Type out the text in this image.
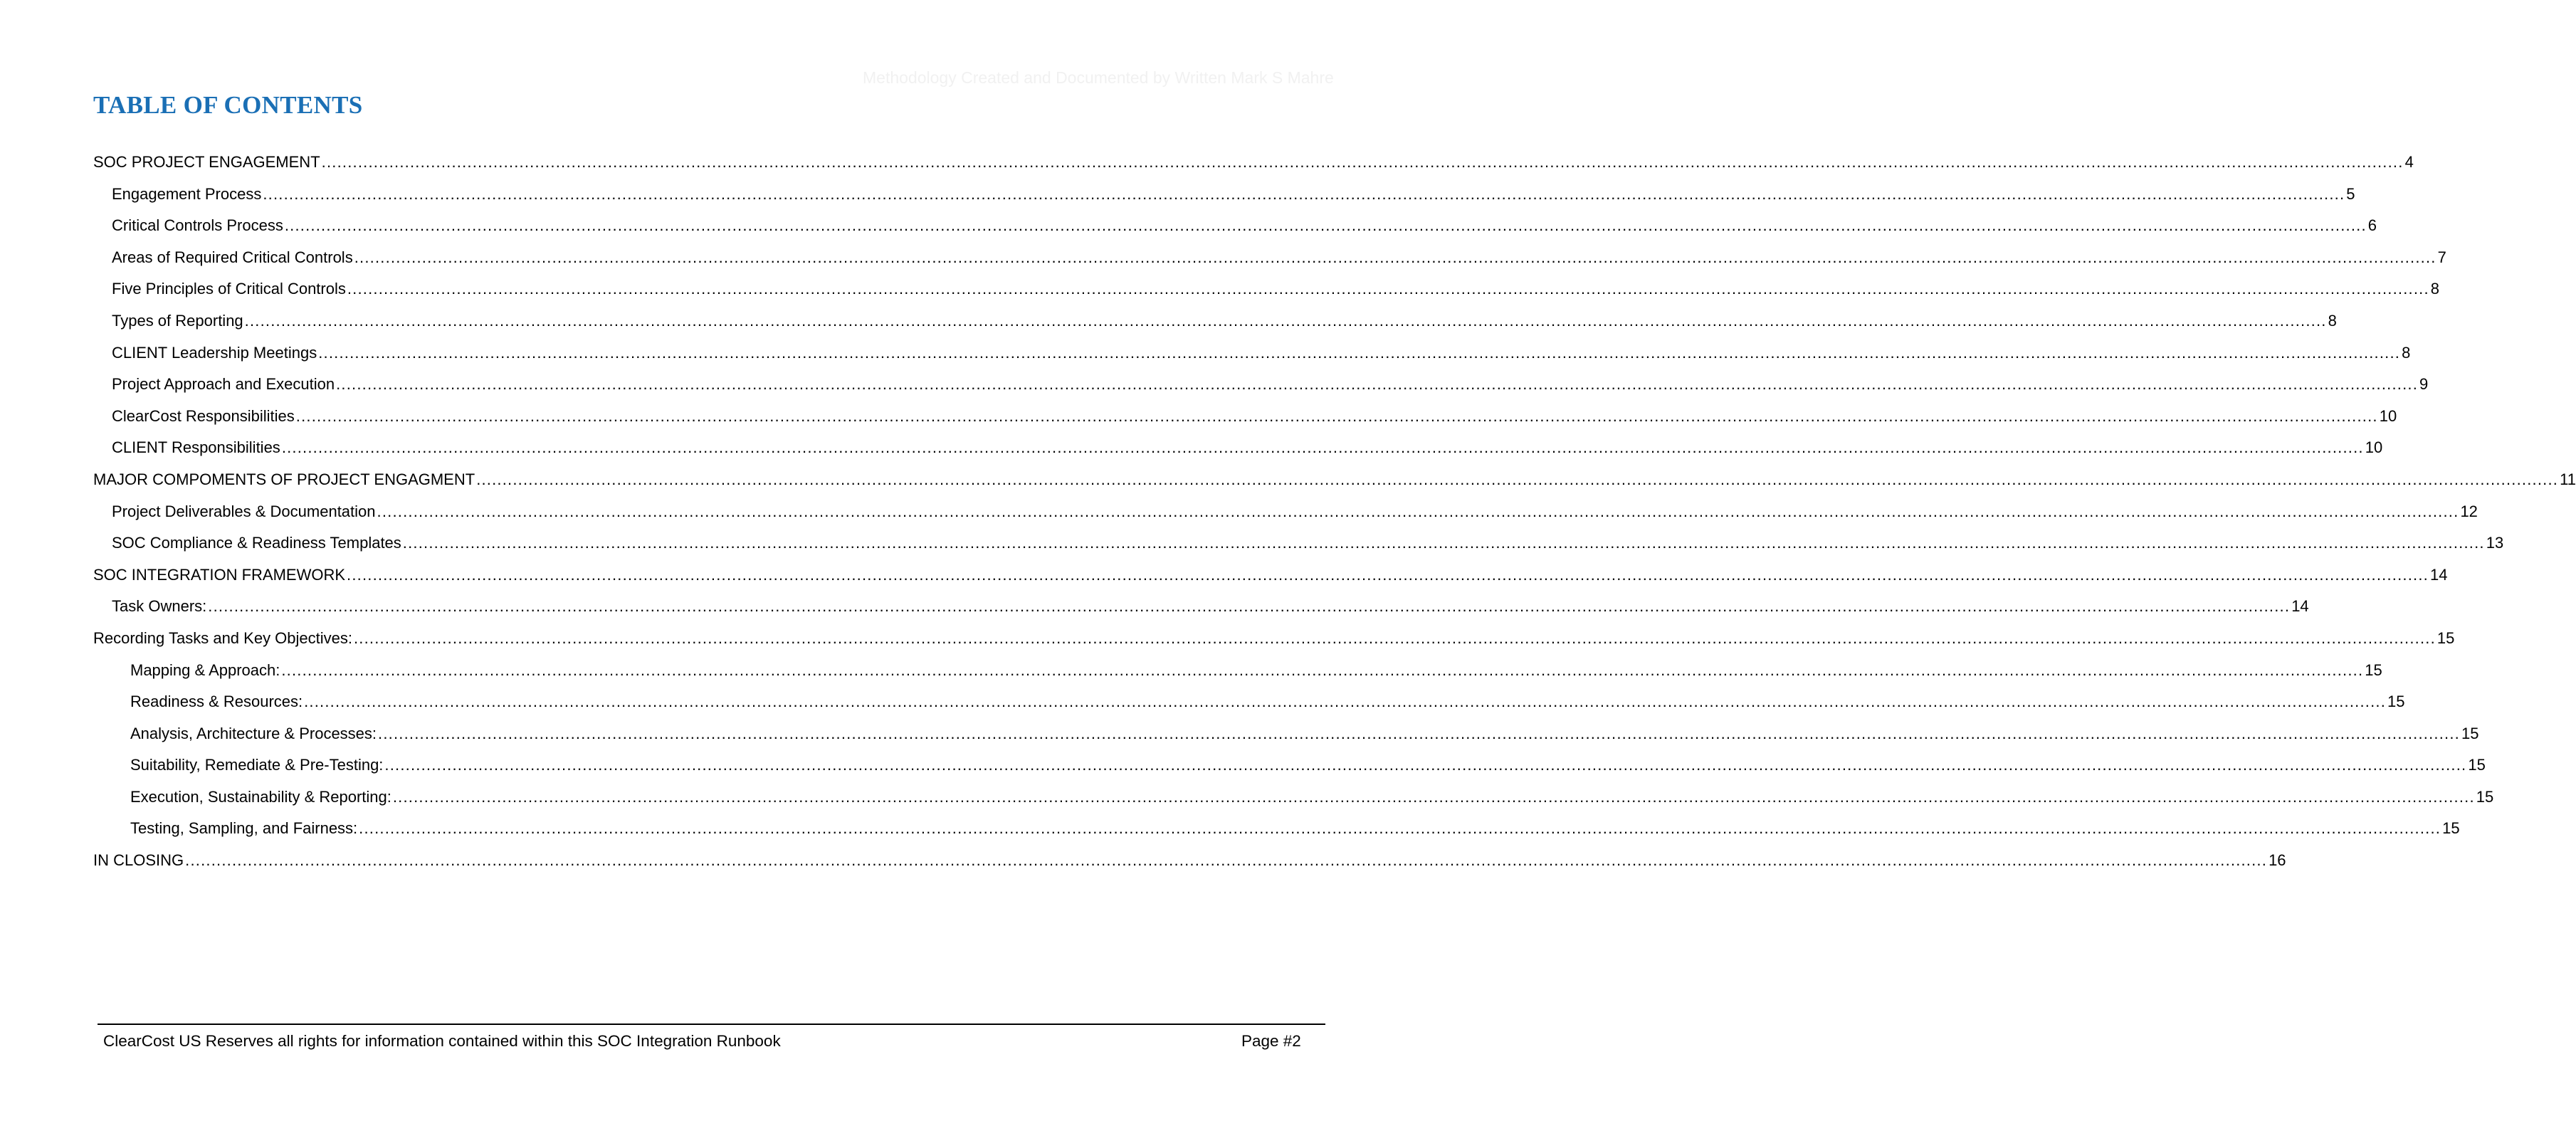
Methodology Created and Documented by Written Mark S Mahre
TABLE OF CONTENTS
SOC PROJECT ENGAGEMENT ................................................................................................................................................................................................................................................................................................................................................................................................................ 4
Engagement Process ................................................................................................................................................................................................................................................................................................................................................................................................................ 5
Critical Controls Process ................................................................................................................................................................................................................................................................................................................................................................................................................ 6
Areas of Required Critical Controls ................................................................................................................................................................................................................................................................................................................................................................................................................ 7
Five Principles of Critical Controls ................................................................................................................................................................................................................................................................................................................................................................................................................ 8
Types of Reporting ................................................................................................................................................................................................................................................................................................................................................................................................................ 8
CLIENT Leadership Meetings ................................................................................................................................................................................................................................................................................................................................................................................................................ 8
Project Approach and Execution ................................................................................................................................................................................................................................................................................................................................................................................................................ 9
ClearCost Responsibilities ................................................................................................................................................................................................................................................................................................................................................................................................................ 10
CLIENT Responsibilities ................................................................................................................................................................................................................................................................................................................................................................................................................ 10
MAJOR COMPOMENTS OF PROJECT ENGAGMENT ................................................................................................................................................................................................................................................................................................................................................................................................................ 11
Project Deliverables & Documentation ................................................................................................................................................................................................................................................................................................................................................................................................................ 12
SOC Compliance & Readiness Templates ................................................................................................................................................................................................................................................................................................................................................................................................................ 13
SOC INTEGRATION FRAMEWORK ................................................................................................................................................................................................................................................................................................................................................................................................................ 14
Task Owners: ................................................................................................................................................................................................................................................................................................................................................................................................................ 14
Recording Tasks and Key Objectives: ................................................................................................................................................................................................................................................................................................................................................................................................................ 15
Mapping & Approach: ................................................................................................................................................................................................................................................................................................................................................................................................................ 15
Readiness & Resources: ................................................................................................................................................................................................................................................................................................................................................................................................................ 15
Analysis, Architecture & Processes: ................................................................................................................................................................................................................................................................................................................................................................................................................ 15
Suitability, Remediate & Pre-Testing: ................................................................................................................................................................................................................................................................................................................................................................................................................ 15
Execution, Sustainability & Reporting: ................................................................................................................................................................................................................................................................................................................................................................................................................ 15
Testing, Sampling, and Fairness: ................................................................................................................................................................................................................................................................................................................................................................................................................ 15
IN CLOSING ................................................................................................................................................................................................................................................................................................................................................................................................................ 16
ClearCost US Reserves all rights for information contained within this SOC Integration Runbook	Page #2
